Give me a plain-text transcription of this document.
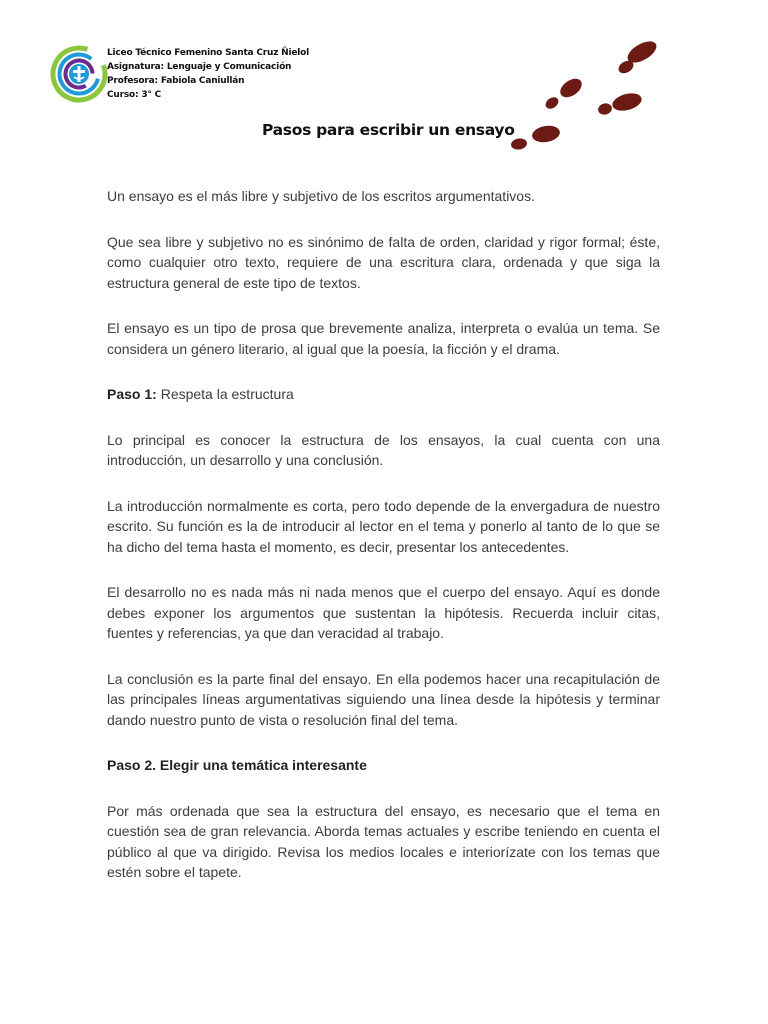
Liceo Técnico Femenino Santa Cruz Ñielol
Asignatura: Lenguaje y Comunicación
Profesora: Fabiola Caniullán
Curso: 3° C
Pasos para escribir un ensayo

Un ensayo es el más libre y subjetivo de los escritos argumentativos.

Que sea libre y subjetivo no es sinónimo de falta de orden, claridad y rigor formal; éste, como cualquier otro texto, requiere de una escritura clara, ordenada y que siga la estructura general de este tipo de textos.

El ensayo es un tipo de prosa que brevemente analiza, interpreta o evalúa un tema. Se considera un género literario, al igual que la poesía, la ficción y el drama.

Paso 1: Respeta la estructura

Lo principal es conocer la estructura de los ensayos, la cual cuenta con una introducción, un desarrollo y una conclusión.

La introducción normalmente es corta, pero todo depende de la envergadura de nuestro escrito. Su función es la de introducir al lector en el tema y ponerlo al tanto de lo que se ha dicho del tema hasta el momento, es decir, presentar los antecedentes.

El desarrollo no es nada más ni nada menos que el cuerpo del ensayo. Aquí es donde debes exponer los argumentos que sustentan la hipótesis. Recuerda incluir citas, fuentes y referencias, ya que dan veracidad al trabajo.

La conclusión es la parte final del ensayo. En ella podemos hacer una recapitulación de las principales líneas argumentativas siguiendo una línea desde la hipótesis y terminar dando nuestro punto de vista o resolución final del tema.

Paso 2. Elegir una temática interesante

Por más ordenada que sea la estructura del ensayo, es necesario que el tema en cuestión sea de gran relevancia. Aborda temas actuales y escribe teniendo en cuenta el público al que va dirigido. Revisa los medios locales e interiorízate con los temas que estén sobre el tapete.
